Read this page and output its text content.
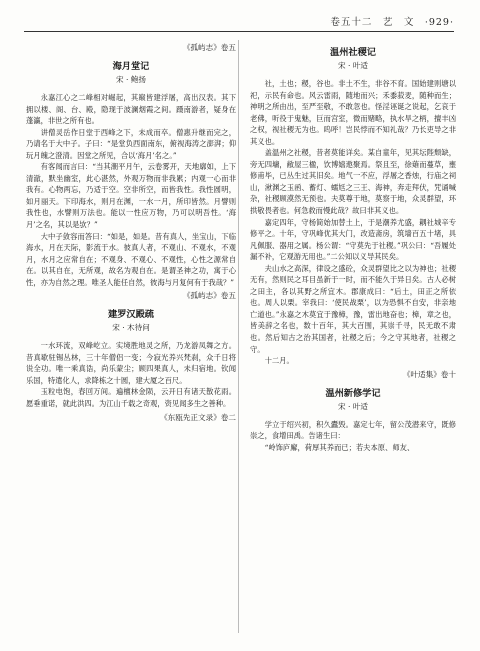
卷五十二　艺　文　·929·
《孤屿志》卷五
海月堂记
宋 · 鲍扬
永嘉江心之二峰相对崛起，其巅皆建浮屠，高出汉表。其下拥以楼、阁、台、殿，隐现于波澜烟霞之间。蹑南游者，疑身在蓬瀛，非世之所有也。
讲僧灵岳作日堂于西峰之下，未成而卒。僧惠升继而完之，乃请名于大中子。子曰：“是堂负西面南东，俯视海涛之澎湃；仰玩月魄之澄清。因堂之所见，合以‘海月’名之。”
有客闻而言曰：“当其潮平月午，云卷雾开，天地廓如，上下清澈，默坐幽室，此心湛然，外观万物而非我累；内观一心而非我有。心物两忘，乃适于空。空非所空，而皆我性。我性圆明，如月丽天。下印海水，则月在渊，一水一月，所印皆然。月譬则我性也，水譬则万法也。能以一性应万物，乃可以明吾性。‘海月’之名，其以是欤？”
大中子敛容而答曰：“如是，如是。昔有真人，坐宝山，下临海水，月在天际，影流于水。彼真人者，不观山、不观水，不观月，水月之应常自在；不观身、不观心、不观性，心性之源常自在。以其自在，无所观，故名为观自在。是谓圣神之功，寓于心性，亦为自然之理。唯圣人能任自然，彼海与月复何有于我哉？”
《孤屿志》卷五
建罗汉殿疏
宋 · 木待问
一水环流，双峰屹立。实境胜地灵之所，乃龙游凤舞之方。昔真歇驻锡丛林，三十年僧侣一变；今寂光养兴梵刹，众千日将说全功。唯一乘真诰，尚乐蒙尘；顾四果真人，未归宿地。钦闻乐国，特遣化人，求降栋之十圆，建大厦之百尺。
玉粒电饱，春回万间。遍檀林金陨，云开日有诸天散花雨。愿垂重诺，就此洪四。为江山千载之奇观，资见闻多生之善种。
《东瓯先正文录》卷二
温州社稷记
宋 · 叶适
社，土也；稷，谷也。非土不生，非谷不育。国始建则塘以祀，示民有命也。风云雷雨，随地而兴；禾黍菽麦，随种而生；神明之所由出，至严至敬，不敢忽也。怪淫诬诞之说起，乞哀于老佛，听役于鬼魅，巨而宫室，微而赌略，执水旱之柄，擅丰凶之权，视社稷无为也。呜呼！岂民悖而不知礼哉？乃长吏导之非其义也。
盖温州之社稷，昔者莫能详矣。某自童年，见其坛陛颓缺，旁无四墉，敝屋三楹，饮博嬉遨聚焉。祭且至，徐薙而蔓草，壅修甫毕，已丛生过其旧矣。地气一不应，浮屠之香烛，行庙之祠山，湫渊之玉函、蓄灯、蠕尪之三王、海神，奔走拜伏，咒诵喊杂，社稷顾漠然无预也。夫莫尊于地，莫察于地，众灵群望，环拱敬畏者也。何急救而慢此哉？故曰非其义也。
嘉定四年，守杨简始加替土上，于是潮养尤盛，耦社城辛专修平之。十年，守巩峰优其大门，改造斋房，筑墙百五十堵，具凡佩服、器用之属。杨公谓：“守莫先于社稷。”巩公曰：“吾履处漏不补，它观游无用也。”二公知以义导其民矣。
夫山水之高深，律设之盛砼，众灵群望比之以为神也；社稷无有，然则民之耳目虽新于一时，而不能久于异日矣。古人必树之田主，各以其野之所宜木。郡康成曰：“后土，田正之所依也。周人以栗。宰我曰：‘使民战栗’，以为恐惧不自安，非亲地亡道也。”永嘉之木莫宜于豫樟，豫，雷出地奋也；樟，章之也，皆美辞之名也，数十百年，其大百围，其崇千寻，民无敢不肃也。然后知古之治其国者，社稷之后；今之守其地者，社稷之守。
十二月。
《叶适集》卷十
温州新修学记
宋 · 叶适
学立于绍兴初，积久蠹毁。嘉定七年，留公茂潜来守，既修崇之，食增田禹。告诸生曰：
“岭饰庐廨，荷厚其养而已；若夫本原、师友、
